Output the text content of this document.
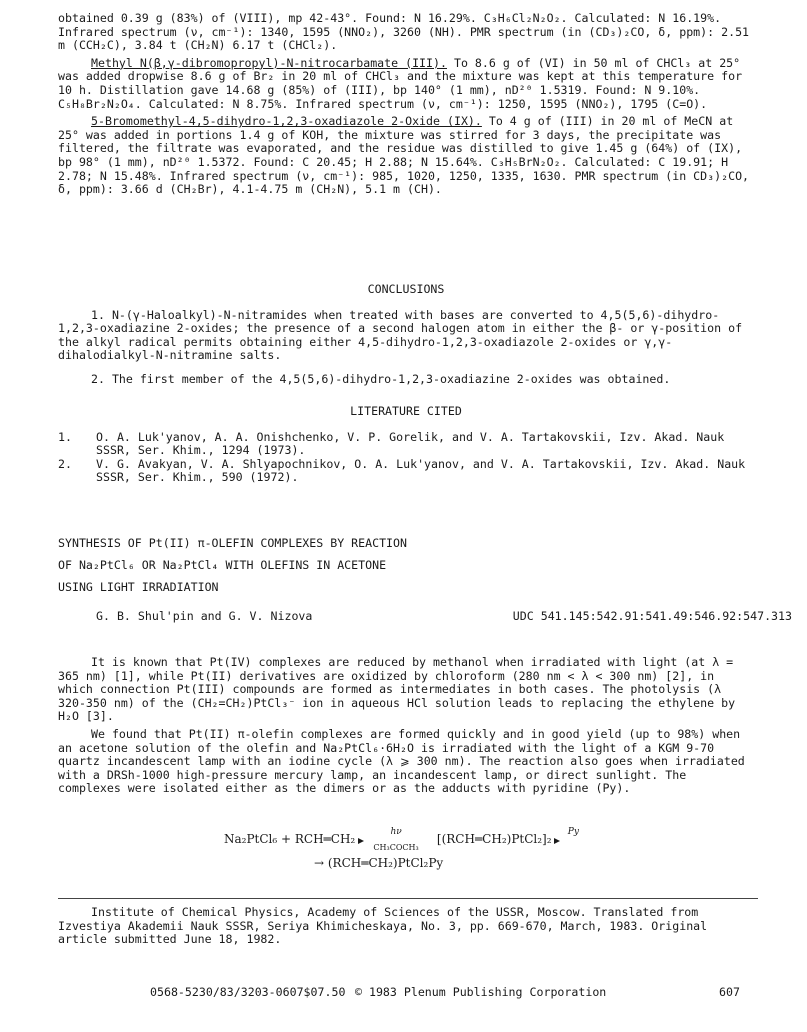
obtained 0.39 g (83%) of (VIII), mp 42-43°. Found: N 16.29%. C₃H₆Cl₂N₂O₂. Calculated: N 16.19%. Infrared spectrum (ν, cm⁻¹): 1340, 1595 (NNO₂), 3260 (NH). PMR spectrum (in (CD₃)₂CO, δ, ppm): 2.51 m (CCH₂C), 3.84 t (CH₂N) 6.17 t (CHCl₂).

Methyl N(β,γ-dibromopropyl)-N-nitrocarbamate (III). To 8.6 g of (VI) in 50 ml of CHCl₃ at 25° was added dropwise 8.6 g of Br₂ in 20 ml of CHCl₃ and the mixture was kept at this temperature for 10 h. Distillation gave 14.68 g (85%) of (III), bp 140° (1 mm), nD²⁰ 1.5319. Found: N 9.10%. C₅H₈Br₂N₂O₄. Calculated: N 8.75%. Infrared spectrum (ν, cm⁻¹): 1250, 1595 (NNO₂), 1795 (C=O).

5-Bromomethyl-4,5-dihydro-1,2,3-oxadiazole 2-Oxide (IX). To 4 g of (III) in 20 ml of MeCN at 25° was added in portions 1.4 g of KOH, the mixture was stirred for 3 days, the precipitate was filtered, the filtrate was evaporated, and the residue was distilled to give 1.45 g (64%) of (IX), bp 98° (1 mm), nD²⁰ 1.5372. Found: C 20.45; H 2.88; N 15.64%. C₃H₅BrN₂O₂. Calculated: C 19.91; H 2.78; N 15.48%. Infrared spectrum (ν, cm⁻¹): 985, 1020, 1250, 1335, 1630. PMR spectrum (in CD₃)₂CO, δ, ppm): 3.66 d (CH₂Br), 4.1-4.75 m (CH₂N), 5.1 m (CH).

CONCLUSIONS

1. N-(γ-Haloalkyl)-N-nitramides when treated with bases are converted to 4,5(5,6)-dihydro-1,2,3-oxadiazine 2-oxides; the presence of a second halogen atom in either the β- or γ-position of the alkyl radical permits obtaining either 4,5-dihydro-1,2,3-oxadiazole 2-oxides or γ,γ-dihalodialkyl-N-nitramine salts.

2. The first member of the 4,5(5,6)-dihydro-1,2,3-oxadiazine 2-oxides was obtained.

LITERATURE CITED

1.	O. A. Luk'yanov, A. A. Onishchenko, V. P. Gorelik, and V. A. Tartakovskii, Izv. Akad. Nauk SSSR, Ser. Khim., 1294 (1973).
2.	V. G. Avakyan, V. A. Shlyapochnikov, O. A. Luk'yanov, and V. A. Tartakovskii, Izv. Akad. Nauk SSSR, Ser. Khim., 590 (1972).

SYNTHESIS OF Pt(II) π-OLEFIN COMPLEXES BY REACTION

OF Na₂PtCl₆ OR Na₂PtCl₄ WITH OLEFINS IN ACETONE

USING LIGHT IRRADIATION

G. B. Shul'pin and G. V. Nizova	UDC 541.145:542.91:541.49:546.92:547.313

It is known that Pt(IV) complexes are reduced by methanol when irradiated with light (at λ = 365 nm) [1], while Pt(II) derivatives are oxidized by chloroform (280 nm < λ < 300 nm) [2], in which connection Pt(III) compounds are formed as intermediates in both cases. The photolysis (λ 320-350 nm) of the (CH₂=CH₂)PtCl₃⁻ ion in aqueous HCl solution leads to replacing the ethylene by H₂O [3].

We found that Pt(II) π-olefin complexes are formed quickly and in good yield (up to 98%) when an acetone solution of the olefin and Na₂PtCl₆·6H₂O is irradiated with the light of a KGM 9-70 quartz incandescent lamp with an iodine cycle (λ ⩾ 300 nm). The reaction also goes when irradiated with a DRSh-1000 high-pressure mercury lamp, an incandescent lamp, or direct sunlight. The complexes were isolated either as the dimers or as the adducts with pyridine (Py).

Na₂PtCl₆ + RCH═CH₂
hν
CH₃COCH₃
[(RCH═CH₂)PtCl₂]₂
Py
→ (RCH═CH₂)PtCl₂Py

Institute of Chemical Physics, Academy of Sciences of the USSR, Moscow. Translated from Izvestiya Akademii Nauk SSSR, Seriya Khimicheskaya, No. 3, pp. 669-670, March, 1983. Original article submitted June 18, 1982.

0568-5230/83/3203-0607$07.50 © 1983 Plenum Publishing Corporation	607
